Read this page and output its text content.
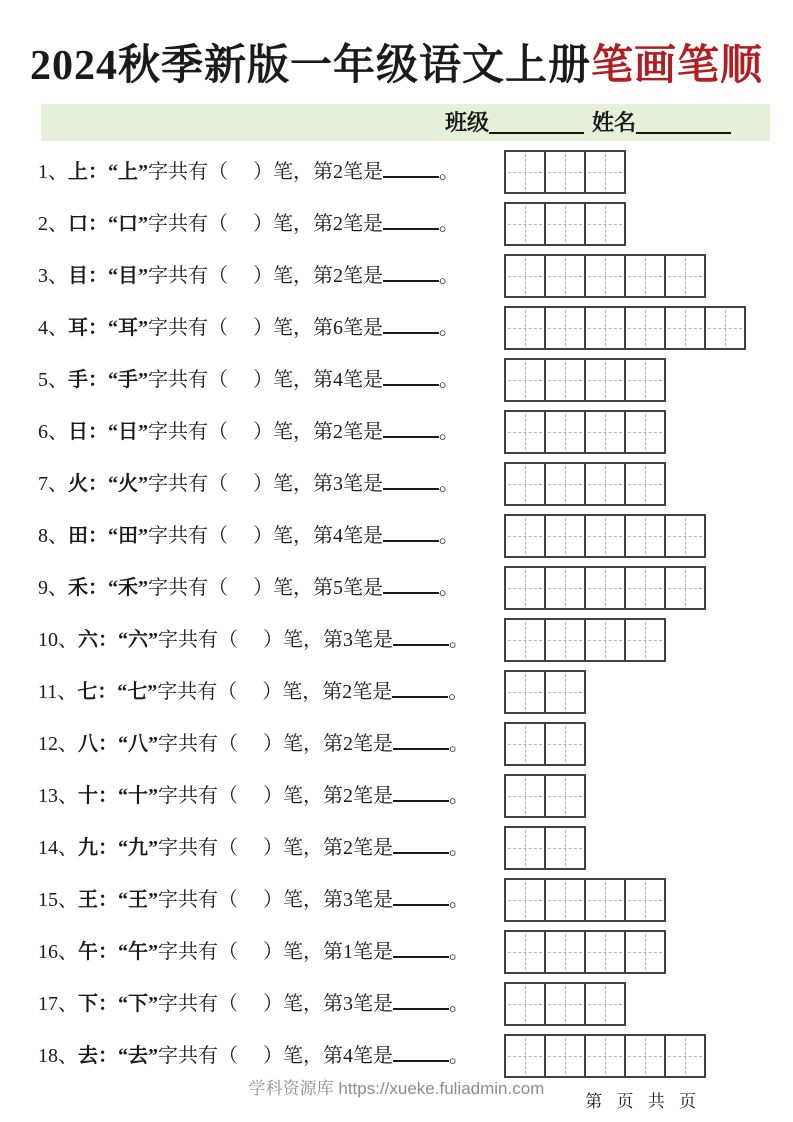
2024秋季新版一年级语文上册笔画笔顺
班级	姓名
1、上：“上”字共有（　 ）笔，第2笔是	。
2、口：“口”字共有（　 ）笔，第2笔是	。
3、目：“目”字共有（　 ）笔，第2笔是	。
4、耳：“耳”字共有（　 ）笔，第6笔是	。
5、手：“手”字共有（　 ）笔，第4笔是	。
6、日：“日”字共有（　 ）笔，第2笔是	。
7、火：“火”字共有（　 ）笔，第3笔是	。
8、田：“田”字共有（　 ）笔，第4笔是	。
9、禾：“禾”字共有（　 ）笔，第5笔是	。
10、六：“六”字共有（　 ）笔，第3笔是	。
11、七：“七”字共有（　 ）笔，第2笔是	。
12、八：“八”字共有（　 ）笔，第2笔是	。
13、十：“十”字共有（　 ）笔，第2笔是	。
14、九：“九”字共有（　 ）笔，第2笔是	。
15、王：“王”字共有（　 ）笔，第3笔是	。
16、午：“午”字共有（　 ）笔，第1笔是	。
17、下：“下”字共有（　 ）笔，第3笔是	。
18、去：“去”字共有（　 ）笔，第4笔是	。
学科资源库 https://xueke.fuliadmin.com
第 页 共 页
